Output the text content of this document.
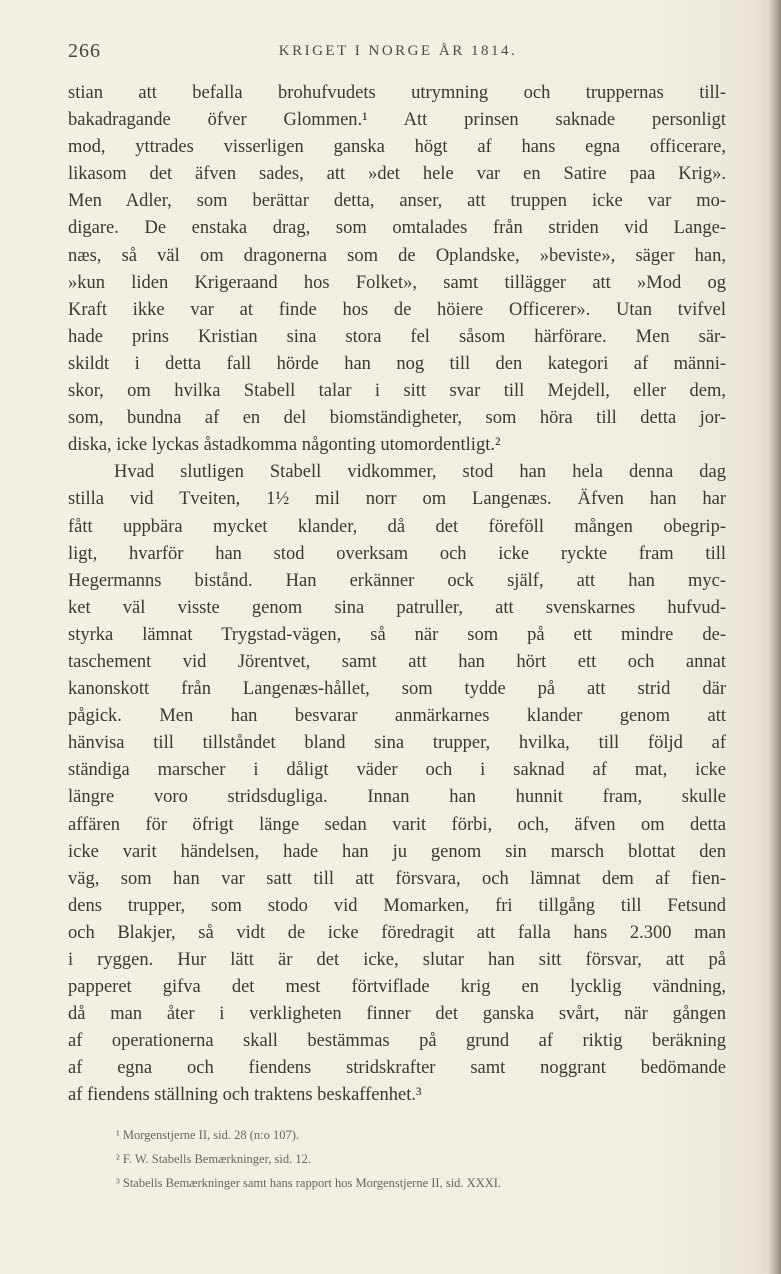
266	KRIGET I NORGE ÅR 1814.
stian att befalla brohufvudets utrymning och truppernas till-
bakadragande öfver Glommen.¹ Att prinsen saknade personligt
mod, yttrades visserligen ganska högt af hans egna officerare,
likasom det äfven sades, att »det hele var en Satire paa Krig».
Men Adler, som berättar detta, anser, att truppen icke var mo-
digare. De enstaka drag, som omtalades från striden vid Lange-
næs, så väl om dragonerna som de Oplandske, »beviste», säger han,
»kun liden Krigeraand hos Folket», samt tillägger att »Mod og
Kraft ikke var at finde hos de höiere Officerer». Utan tvifvel
hade prins Kristian sina stora fel såsom härförare. Men sär-
skildt i detta fall hörde han nog till den kategori af männi-
skor, om hvilka Stabell talar i sitt svar till Mejdell, eller dem,
som, bundna af en del biomständigheter, som höra till detta jor-
diska, icke lyckas åstadkomma någonting utomordentligt.²
Hvad slutligen Stabell vidkommer, stod han hela denna dag
stilla vid Tveiten, 1½ mil norr om Langenæs. Äfven han har
fått uppbära mycket klander, då det föreföll mången obegrip-
ligt, hvarför han stod overksam och icke ryckte fram till
Hegermanns bistånd. Han erkänner ock själf, att han myc-
ket väl visste genom sina patruller, att svenskarnes hufvud-
styrka lämnat Trygstad-vägen, så när som på ett mindre de-
taschement vid Jörentvet, samt att han hört ett och annat
kanonskott från Langenæs-hållet, som tydde på att strid där
pågick. Men han besvarar anmärkarnes klander genom att
hänvisa till tillståndet bland sina trupper, hvilka, till följd af
ständiga marscher i dåligt väder och i saknad af mat, icke
längre voro stridsdugliga. Innan han hunnit fram, skulle
affären för öfrigt länge sedan varit förbi, och, äfven om detta
icke varit händelsen, hade han ju genom sin marsch blottat den
väg, som han var satt till att försvara, och lämnat dem af fien-
dens trupper, som stodo vid Momarken, fri tillgång till Fetsund
och Blakjer, så vidt de icke föredragit att falla hans 2.300 man
i ryggen. Hur lätt är det icke, slutar han sitt försvar, att på
papperet gifva det mest förtviflade krig en lycklig vändning,
då man åter i verkligheten finner det ganska svårt, när gången
af operationerna skall bestämmas på grund af riktig beräkning
af egna och fiendens stridskrafter samt noggrant bedömande
af fiendens ställning och traktens beskaffenhet.³
¹ Morgenstjerne II, sid. 28 (n:o 107).
² F. W. Stabells Bemærkninger, sid. 12.
³ Stabells Bemærkninger samt hans rapport hos Morgenstjerne II, sid. XXXI.
